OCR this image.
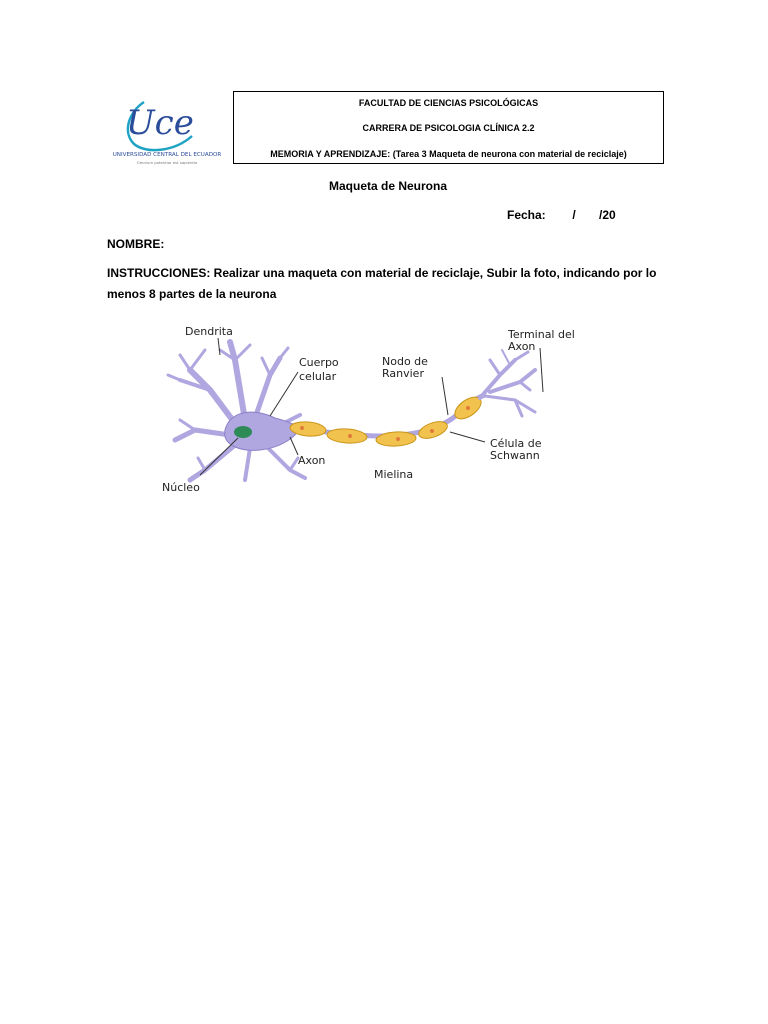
Uce
UNIVERSIDAD CENTRAL DEL ECUADOR
Omnium potentior est sapientia
FACULTAD DE CIENCIAS PSICOLÓGICAS
CARRERA DE PSICOLOGIA CLÍNICA 2.2
MEMORIA Y APRENDIZAJE: (Tarea 3 Maqueta de neurona con material de reciclaje)
Maqueta de Neurona
Fecha:        /       /20
NOMBRE:
INSTRUCCIONES: Realizar una maqueta con material de reciclaje, Subir la foto, indicando por lo menos 8 partes de la neurona
Dendrita
Cuerpo
celular
Nodo de
Ranvier
Terminal del
Axon
Célula de
Schwann
Axon
Mielina
Núcleo
